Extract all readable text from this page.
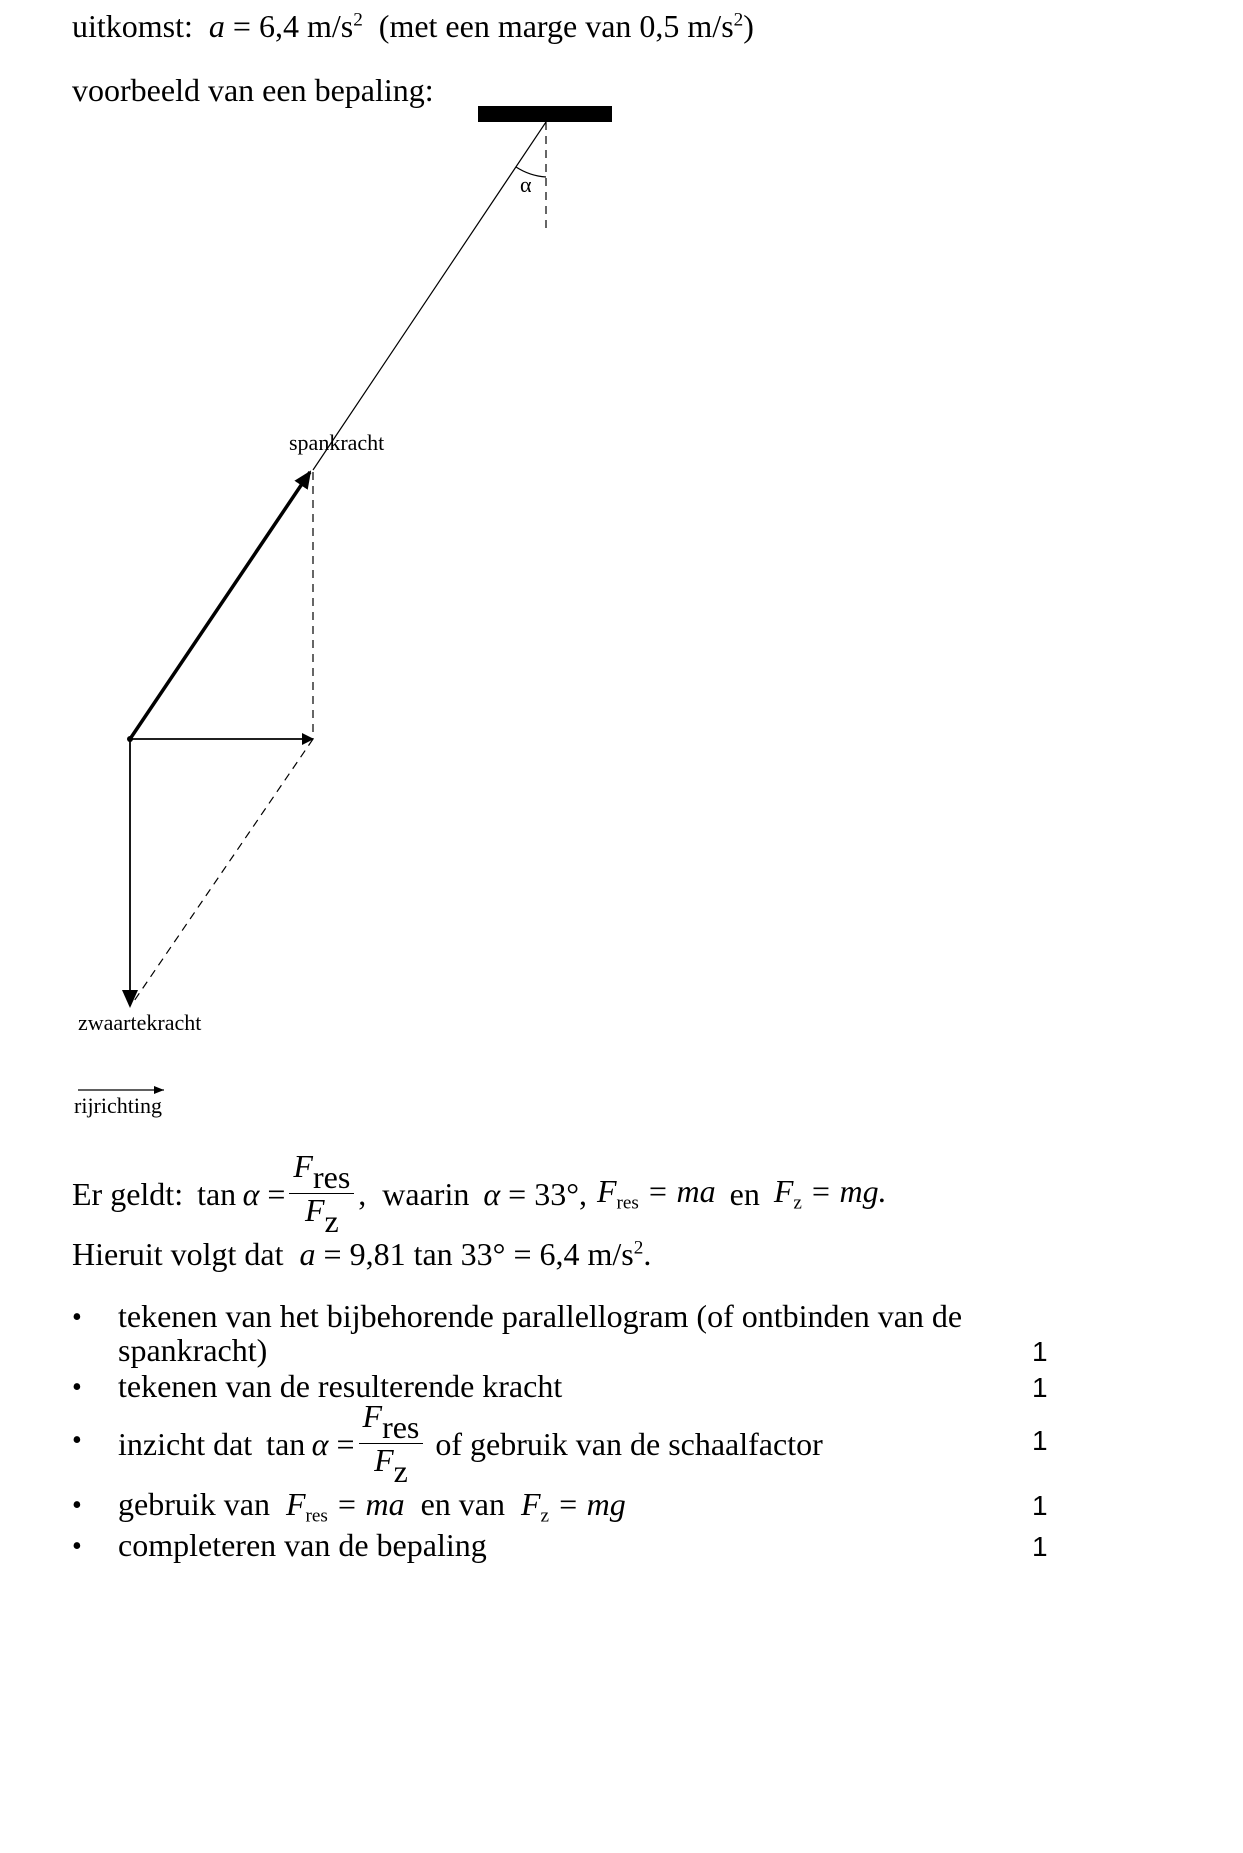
uitkomst:  a = 6,4 $m/s^2$ (met een marge van 0,5 $m/s^2$)
voorbeeld van een bepaling:
α
spankracht
zwaartekracht
rijrichting
Er geldt: $\tan \alpha = \frac{\text{Fres}}{Fz}$ , waarin α = 33°, $F_{res}$ = ma en $F_z$ = mg.
Hieruit volgt dat  a = 9,81 tan 33° = 6,4 $m/s^2$.
• tekenen van het bijbehorende parallellogram (of ontbinden van de
spankracht)	1
• tekenen van de resulterende kracht	1
• inzicht dat $\tan \alpha = \frac{\text{Fres}}{Fz}$ of gebruik van de schaalfactor	1
• gebruik van $F_{res}$ = ma en van $F_z$ = mg	1
• completeren van de bepaling	1
